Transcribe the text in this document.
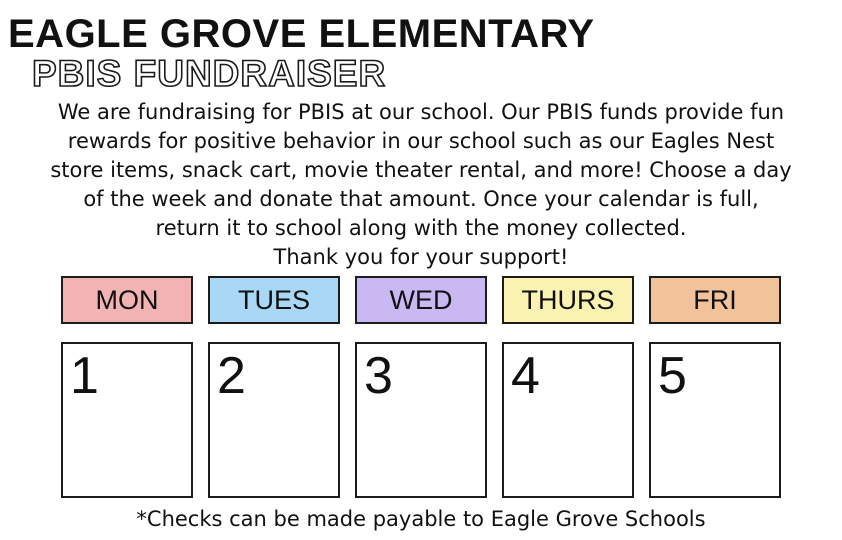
EAGLE GROVE ELEMENTARY
PBIS FUNDRAISER
We are fundraising for PBIS at our school. Our PBIS funds provide fun
rewards for positive behavior in our school such as our Eagles Nest
store items, snack cart, movie theater rental, and more! Choose a day
of the week and donate that amount. Once your calendar is full,
return it to school along with the money collected.
Thank you for your support!
MON
1
TUES
2
WED
3
THURS
4
FRI
5

*Checks can be made payable to Eagle Grove Schools
